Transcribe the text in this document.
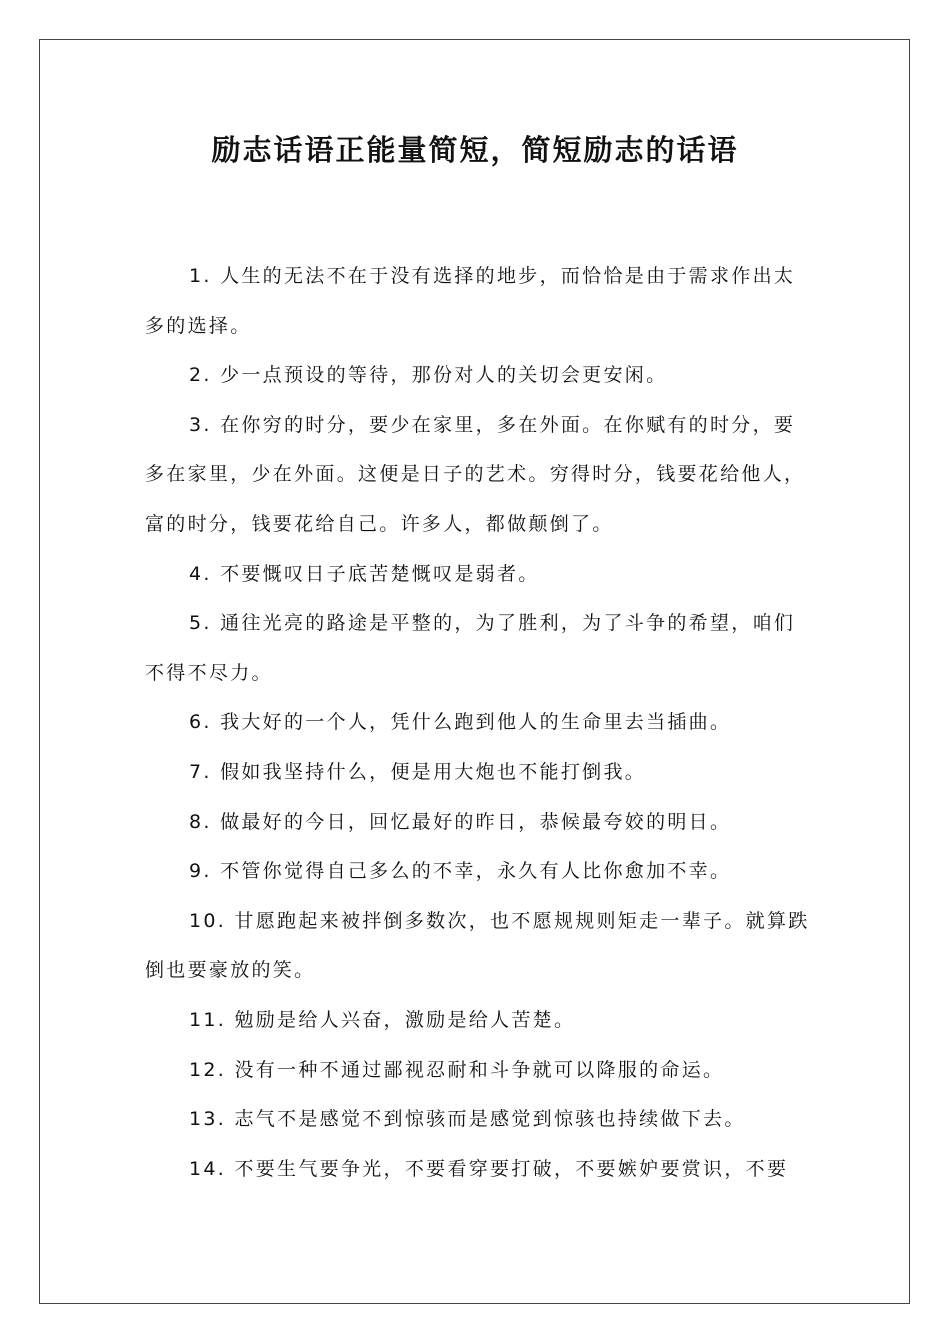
励志话语正能量简短，简短励志的话语

1. 人生的无法不在于没有选择的地步，而恰恰是由于需求作出太多的选择。

2. 少一点预设的等待，那份对人的关切会更安闲。

3. 在你穷的时分，要少在家里，多在外面。在你赋有的时分，要多在家里，少在外面。这便是日子的艺术。穷得时分，钱要花给他人，富的时分，钱要花给自己。许多人，都做颠倒了。

4. 不要慨叹日子底苦楚慨叹是弱者。

5. 通往光亮的路途是平整的，为了胜利，为了斗争的希望，咱们不得不尽力。

6. 我大好的一个人，凭什么跑到他人的生命里去当插曲。

7. 假如我坚持什么，便是用大炮也不能打倒我。

8. 做最好的今日，回忆最好的昨日，恭候最夸姣的明日。

9. 不管你觉得自己多么的不幸，永久有人比你愈加不幸。

10. 甘愿跑起来被拌倒多数次，也不愿规规则矩走一辈子。就算跌倒也要豪放的笑。

11. 勉励是给人兴奋，激励是给人苦楚。

12. 没有一种不通过鄙视忍耐和斗争就可以降服的命运。

13. 志气不是感觉不到惊骇而是感觉到惊骇也持续做下去。

14. 不要生气要争光，不要看穿要打破，不要嫉妒要赏识，不要
